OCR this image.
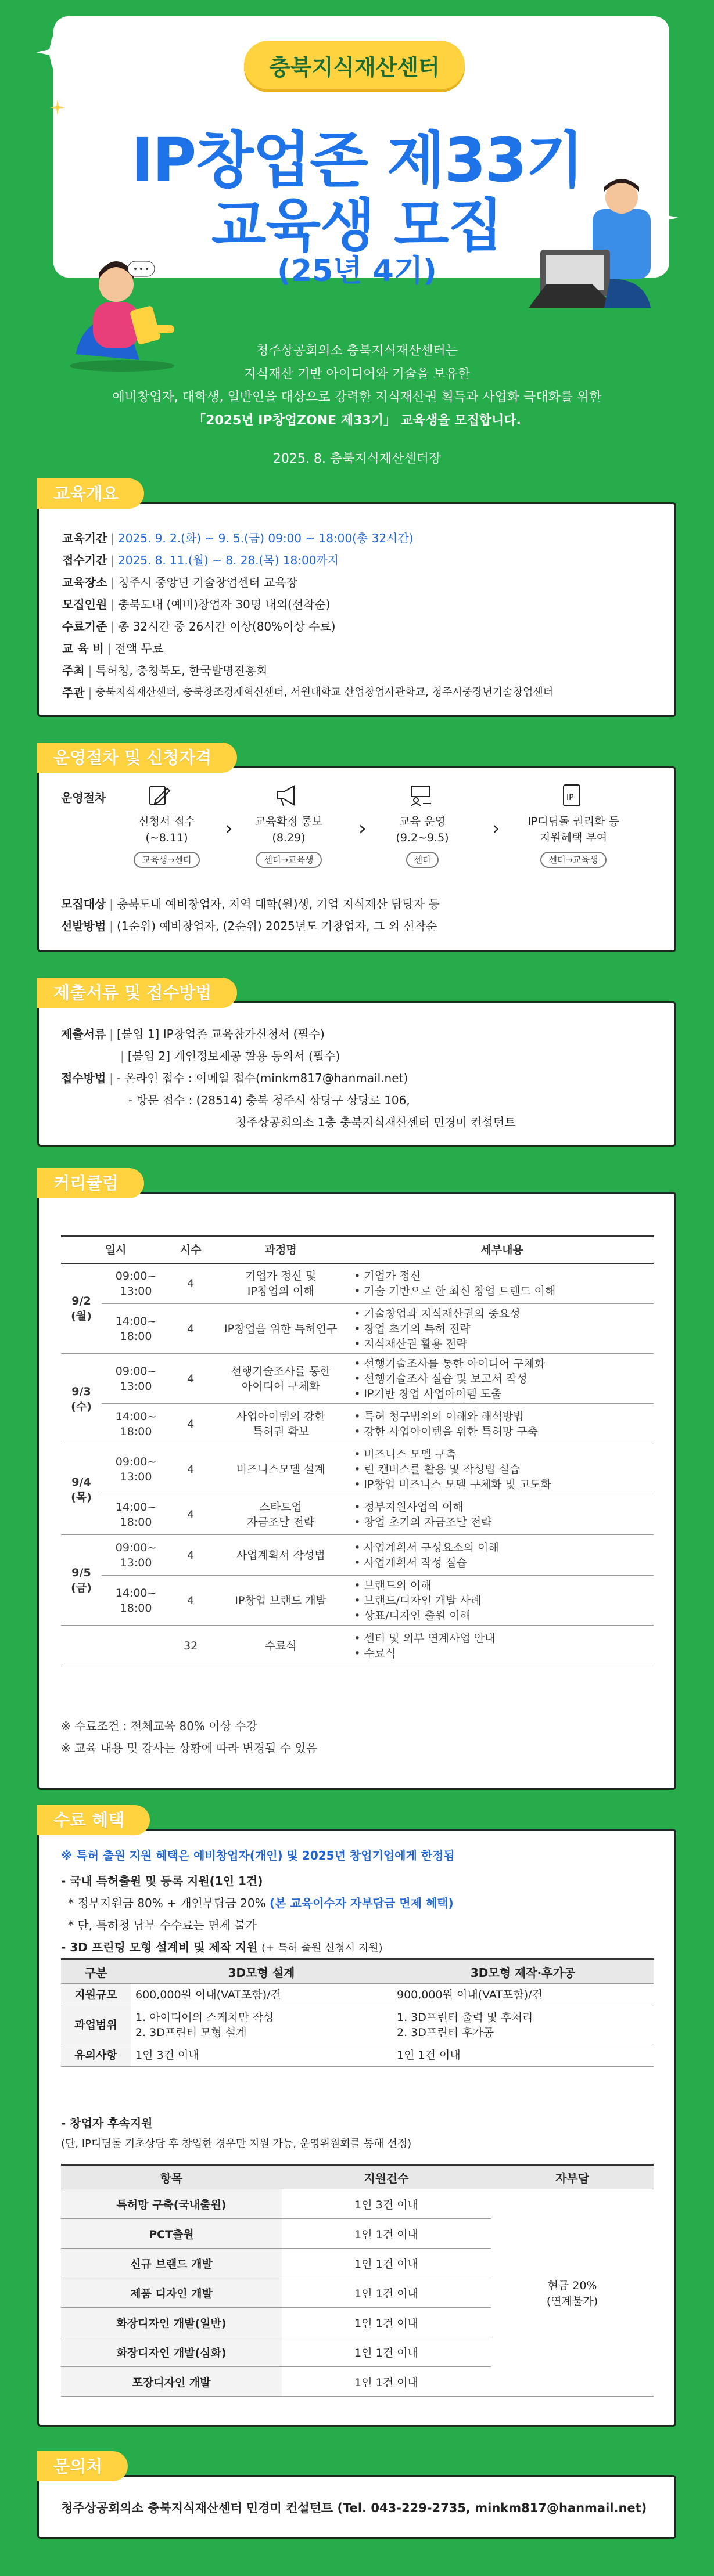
충북지식재산센터
IP창업존 제33기
교육생 모집
(25년 4기)
청주상공회의소 충북지식재산센터는
지식재산 기반 아이디어와 기술을 보유한
예비창업자, 대학생, 일반인을 대상으로 강력한 지식재산권 획득과 사업화 극대화를 위한
「2025년 IP창업ZONE 제33기」 교육생을 모집합니다.
2025. 8. 충북지식재산센터장
교육기간 | 2025. 9. 2.(화) ~ 9. 5.(금) 09:00 ~ 18:00(총 32시간)
접수기간 | 2025. 8. 11.(월) ~ 8. 28.(목) 18:00까지
교육장소 | 청주시 중앙년 기술창업센터 교육장
모집인원 | 충북도내 (예비)창업자 30명 내외(선착순)
수료기준 | 총 32시간 중 26시간 이상(80%이상 수료)
교 육 비 | 전액 무료
주최 | 특허청, 충청북도, 한국발명진흥회
주관 | 충북지식재산센터, 충북창조경제혁신센터, 서원대학교 산업창업사관학교, 청주시중장년기술창업센터
교육개요
운영절차	IP
신청서 접수
(~8.11)
교육생→센터
›	교육확정 통보
(8.29)
센터→교육생
›	교육 운영
(9.2~9.5)
센터
›	IP디딤돌 권리화 등
지원혜택 부여
센터→교육생
모집대상 | 충북도내 예비창업자, 지역 대학(원)생, 기업 지식재산 담당자 등
선발방법 | (1순위) 예비창업자, (2순위) 2025년도 기창업자, 그 외 선착순
운영절차 및 신청자격
제출서류 | [붙임 1] IP창업존 교육참가신청서 (필수)
| [붙임 2] 개인정보제공 활용 동의서 (필수)
접수방법 | - 온라인 접수 : 이메일 접수(minkm817@hanmail.net)
- 방문 접수 : (28514) 충북 청주시 상당구 상당로 106,
청주상공회의소 1층 충북지식재산센터 민경미 컨설턴트
제출서류 및 접수방법
일시		시수	과정명	세부내용
9/2
(월)	09:00~
13:00	4	기업가 정신 및
IP창업의 이해	• 기업가 정신
• 기술 기반으로 한 최신 창업 트렌드 이해
	14:00~
18:00	4	IP창업을 위한 특허연구	• 기술창업과 지식재산권의 중요성
• 창업 초기의 특허 전략
• 지식재산권 활용 전략
9/3
(수)	09:00~
13:00	4	선행기술조사를 통한
아이디어 구체화	• 선행기술조사를 통한 아이디어 구체화
• 선행기술조사 실습 및 보고서 작성
• IP기반 창업 사업아이템 도출
	14:00~
18:00	4	사업아이템의 강한
특허권 확보	• 특허 청구범위의 이해와 해석방법
• 강한 사업아이템을 위한 특허망 구축
9/4
(목)	09:00~
13:00	4	비즈니스모델 설계	• 비즈니스 모델 구축
• 린 캔버스를 활용 및 작성법 실습
• IP창업 비즈니스 모델 구체화 및 고도화
	14:00~
18:00	4	스타트업
자금조달 전략	• 정부지원사업의 이해
• 창업 초기의 자금조달 전략
9/5
(금)	09:00~
13:00	4	사업계획서 작성법	• 사업계획서 구성요소의 이해
• 사업계획서 작성 실습
	14:00~
18:00	4	IP창업 브랜드 개발	• 브랜드의 이해
• 브랜드/디자인 개발 사례
• 상표/디자인 출원 이해
		32	수료식	• 센터 및 외부 연계사업 안내
• 수료식
※ 수료조건 : 전체교육 80% 이상 수강
※ 교육 내용 및 강사는 상황에 따라 변경될 수 있음
커리큘럼
※ 특허 출원 지원 혜택은 예비창업자(개인) 및 2025년 창업기업에게 한정됨
- 국내 특허출원 및 등록 지원(1인 1건)
* 정부지원금 80% + 개인부담금 20% (본 교육이수자 자부담금 면제 혜택)
* 단, 특허청 납부 수수료는 면제 불가
- 3D 프린팅 모형 설계비 및 제작 지원 (+ 특허 출원 신청시 지원)
구분	3D모형 설계	3D모형 제작·후가공
지원규모	600,000원 이내(VAT포함)/건	900,000원 이내(VAT포함)/건
과업범위	1. 아이디어의 스케치만 작성
2. 3D프린터 모형 설계	1. 3D프린터 출력 및 후처리
2. 3D프린터 후가공
유의사항	1인 3건 이내	1인 1건 이내
- 창업자 후속지원
(단, IP디딤돌 기초상담 후 창업한 경우만 지원 가능, 운영위원회를 통해 선정)
항목	지원건수	자부담
특허망 구축(국내출원)	1인 3건 이내	현금 20%
(연계불가)
PCT출원	1인 1건 이내	
신규 브랜드 개발	1인 1건 이내	
제품 디자인 개발	1인 1건 이내	
화장디자인 개발(일반)	1인 1건 이내	
화장디자인 개발(심화)	1인 1건 이내	
포장디자인 개발	1인 1건 이내	
수료 혜택
청주상공회의소 충북지식재산센터 민경미 컨설턴트 (Tel. 043-229-2735, minkm817@hanmail.net)
문의처
